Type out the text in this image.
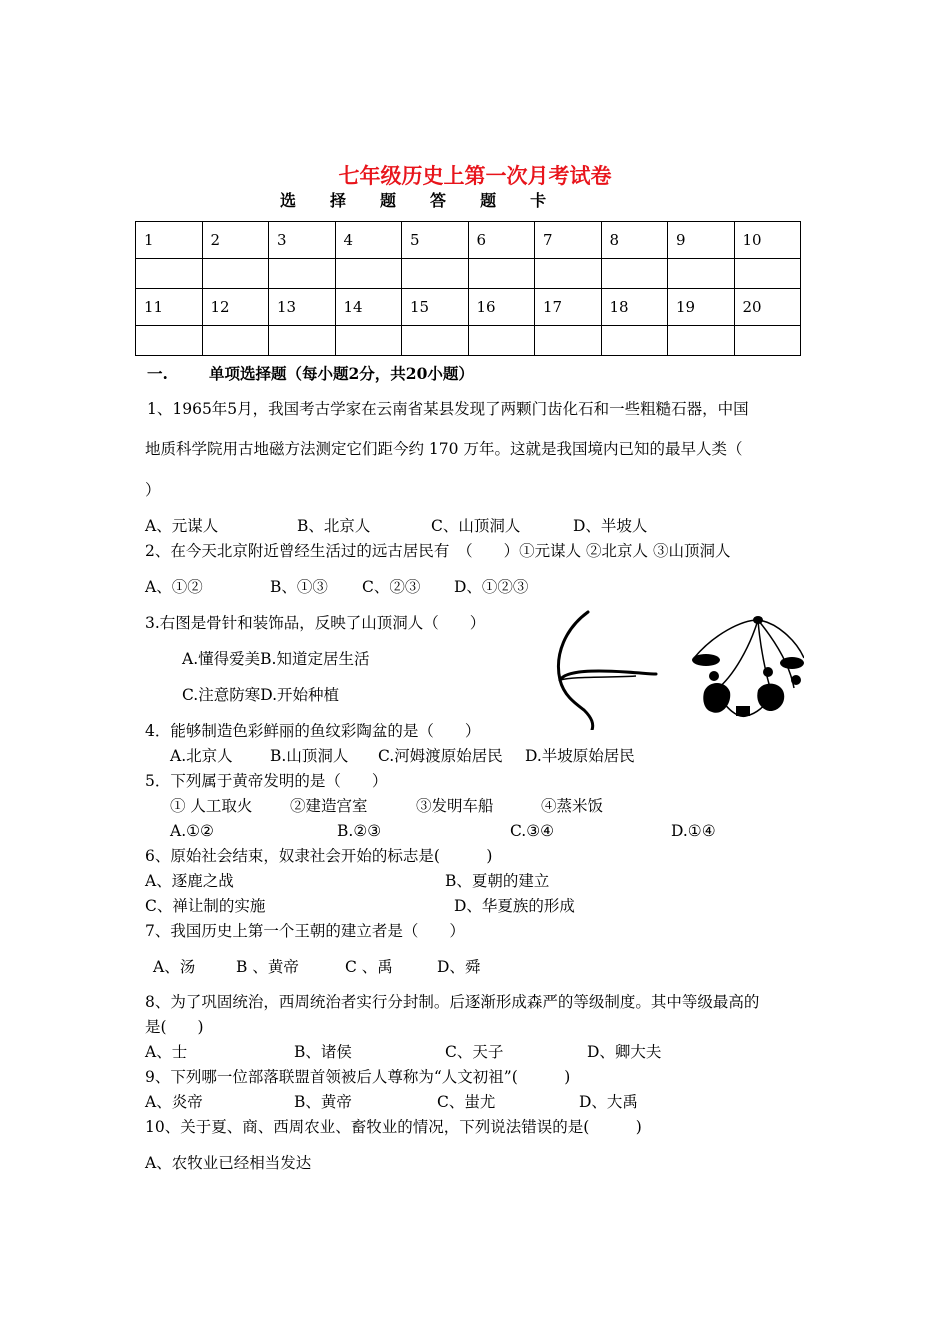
七年级历史上第一次月考试卷
选 择 题 答 题 卡
1	2	3	4	5	6	7	8	9	10

11	12	13	14	15	16	17	18	19	20

一.	单项选择题（每小题2分，共20小题）
1、1965年5月，我国考古学家在云南省某县发现了两颗门齿化石和一些粗糙石器，中国
地质科学院用古地磁方法测定它们距今约 170 万年。这就是我国境内已知的最早人类（
）
A、元谋人	B、北京人	C、山顶洞人	D、半坡人
2、在今天北京附近曾经生活过的远古居民有　（　　）①元谋人 ②北京人 ③山顶洞人
A、①②	B、①③ C、②③ D、①②③
3.右图是骨针和装饰品，反映了山顶洞人（　　）
A.懂得爱美B.知道定居生活
C.注意防寒D.开始种植
4．能够制造色彩鲜丽的鱼纹彩陶盆的是（　　）
A.北京人 B.山顶洞人 C.河姆渡原始居民 D.半坡原始居民
5．下列属于黄帝发明的是（　　）
① 人工取火 ②建造宫室	③发明车船	④蒸米饭
A.①②	B.②③	C.③④	D.①④
6、原始社会结束，奴隶社会开始的标志是(　　　)
A、逐鹿之战	B、夏朝的建立
C、禅让制的实施	D、华夏族的形成
7、我国历史上第一个王朝的建立者是（　　）
A、汤	B 、黄帝	C 、禹	D、舜
8、为了巩固统治，西周统治者实行分封制。后逐渐形成森严的等级制度。其中等级最高的
是(　　)
A、士	B、诸侯	C、天子	D、卿大夫
9、下列哪一位部落联盟首领被后人尊称为“人文初祖”(　　　)
A、炎帝	B、黄帝	C、蚩尤	D、大禹
10、关于夏、商、西周农业、畜牧业的情况，下列说法错误的是(　　　)
A、农牧业已经相当发达
